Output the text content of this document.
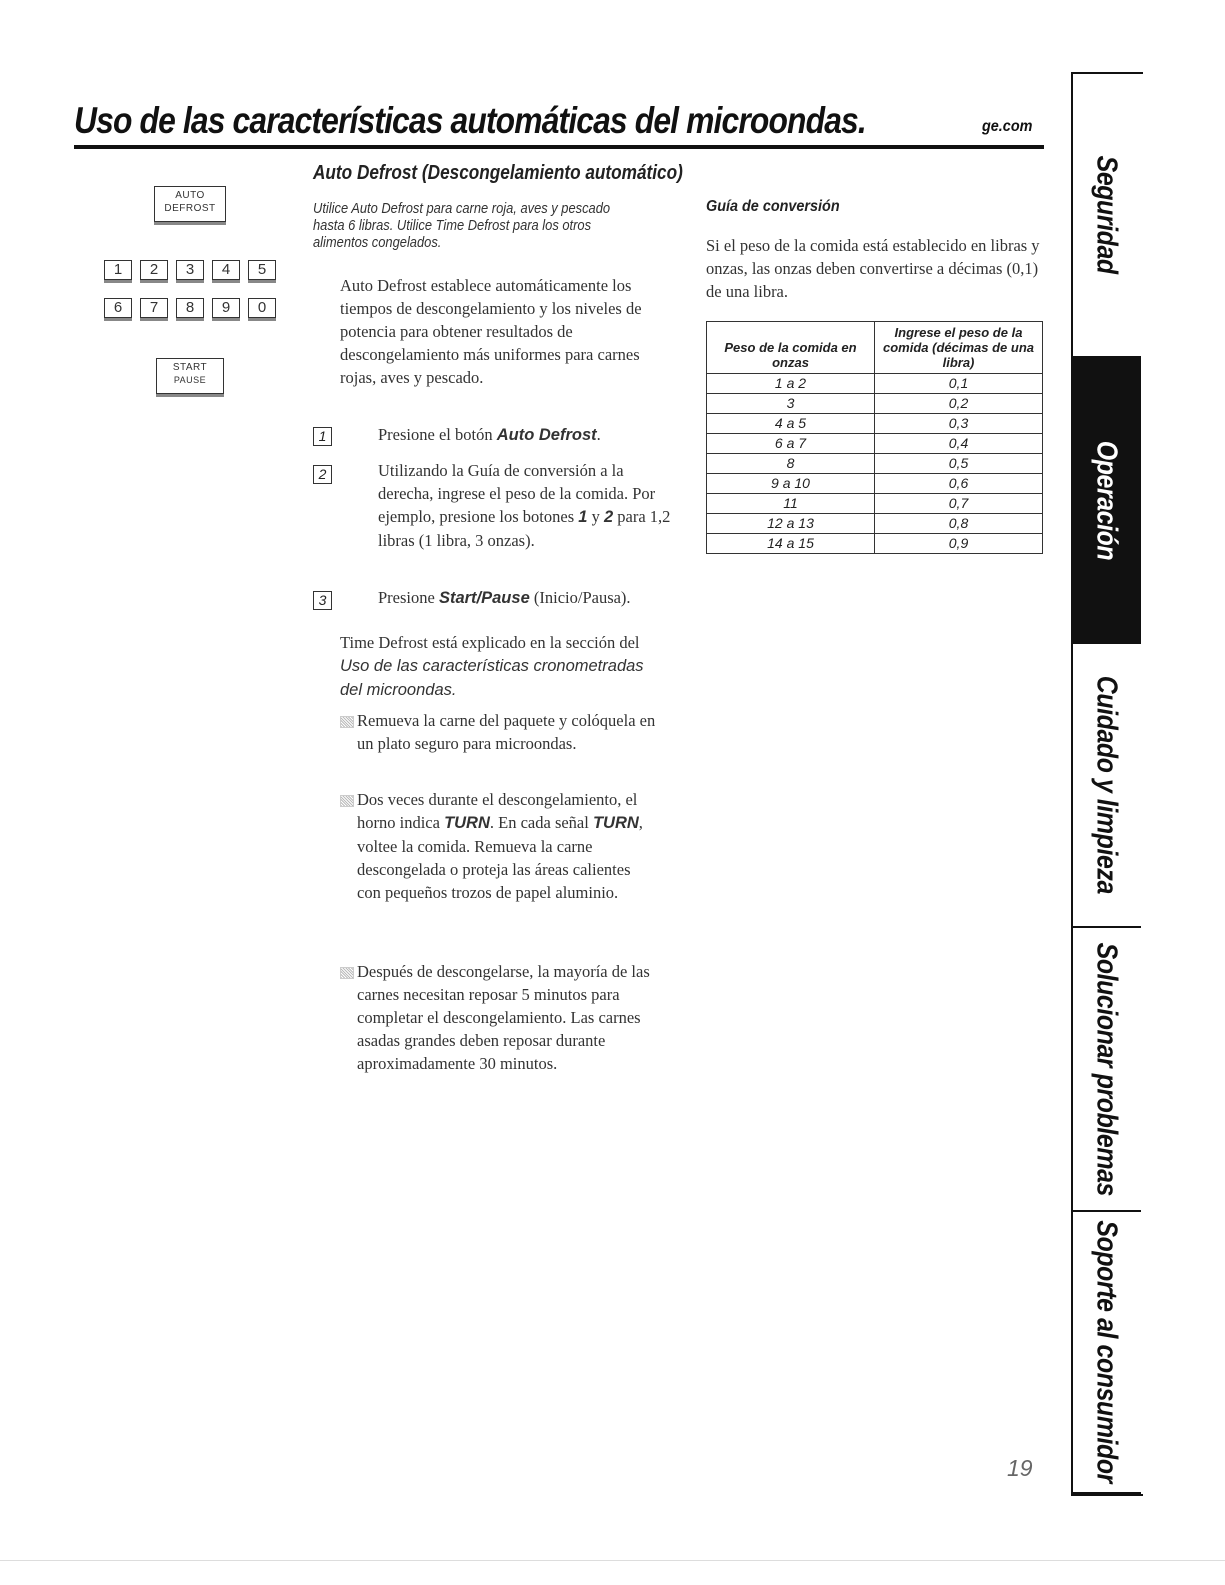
Uso de las características automáticas del microondas.	ge.com
AUTO
DEFROST
1	2	3	4	5
6	7	8	9	0
START
PAUSE
Auto Defrost (Descongelamiento automático)
Utilice Auto Defrost para carne roja, aves y pescado hasta 6 libras. Utilice Time Defrost para los otros alimentos congelados.
Auto Defrost establece automáticamente los tiempos de descongelamiento y los niveles de potencia para obtener resultados de descongelamiento más uniformes para carnes rojas, aves y pescado.
1	Presione el botón Auto Defrost.
2	Utilizando la Guía de conversión a la derecha, ingrese el peso de la comida. Por ejemplo, presione los botones 1 y 2 para 1,2 libras (1 libra, 3 onzas).
3	Presione Start/Pause (Inicio/Pausa).
Time Defrost está explicado en la sección del Uso de las características cronometradas del microondas.
Remueva la carne del paquete y colóquela en un plato seguro para microondas.
Dos veces durante el descongelamiento, el horno indica TURN. En cada señal TURN, voltee la comida. Remueva la carne descongelada o proteja las áreas calientes con pequeños trozos de papel aluminio.
Después de descongelarse, la mayoría de las carnes necesitan reposar 5 minutos para completar el descongelamiento. Las carnes asadas grandes deben reposar durante aproximadamente 30 minutos.
Guía de conversión
Si el peso de la comida está establecido en libras y onzas, las onzas deben convertirse a décimas (0,1) de una libra.
Peso de la comida en onzas	Ingrese el peso de la comida (décimas de una libra)
1 a 2	0,1
3	0,2
4 a 5	0,3
6 a 7	0,4
8	0,5
9 a 10	0,6
11	0,7
12 a 13	0,8
14 a 15	0,9
Seguridad
Operación
Cuidado y limpieza
Solucionar problemas
Soporte al consumidor
19
